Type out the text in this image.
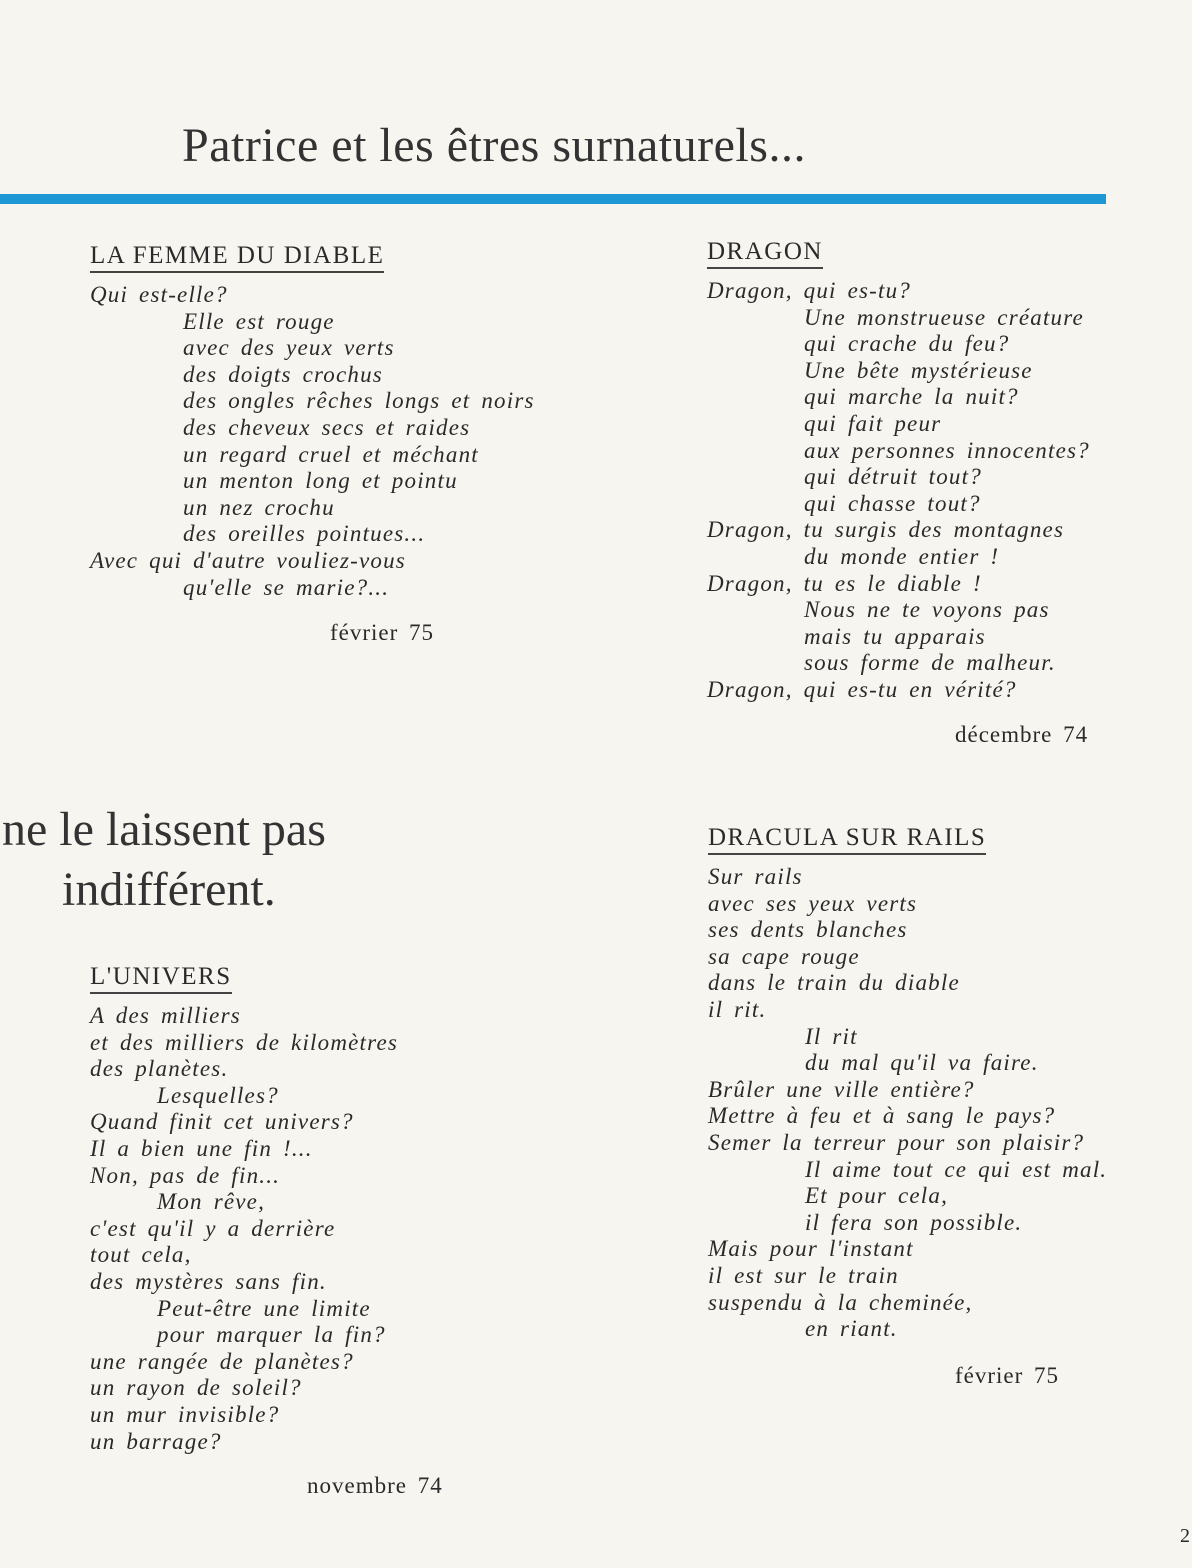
Patrice et les êtres surnaturels...
LA FEMME DU DIABLE
Qui est-elle?
Elle est rouge
avec des yeux verts
des doigts crochus
des ongles rêches longs et noirs
des cheveux secs et raides
un regard cruel et méchant
un menton long et pointu
un nez crochu
des oreilles pointues...
Avec qui d'autre vouliez-vous
qu'elle se marie?...
février 75
DRAGON
Dragon, qui es-tu?
Une monstrueuse créature
qui crache du feu?
Une bête mystérieuse
qui marche la nuit?
qui fait peur
aux personnes innocentes?
qui détruit tout?
qui chasse tout?
Dragon, tu surgis des montagnes
du monde entier !
Dragon, tu es le diable !
Nous ne te voyons pas
mais tu apparais
sous forme de malheur.
Dragon, qui es-tu en vérité?
décembre 74
ne le laissent pas
indifférent.
L'UNIVERS
A des milliers
et des milliers de kilomètres
des planètes.
Lesquelles?
Quand finit cet univers?
Il a bien une fin !...
Non, pas de fin...
Mon rêve,
c'est qu'il y a derrière
tout cela,
des mystères sans fin.
Peut-être une limite
pour marquer la fin?
une rangée de planètes?
un rayon de soleil?
un mur invisible?
un barrage?
novembre 74
DRACULA SUR RAILS
Sur rails
avec ses yeux verts
ses dents blanches
sa cape rouge
dans le train du diable
il rit.
Il rit
du mal qu'il va faire.
Brûler une ville entière?
Mettre à feu et à sang le pays?
Semer la terreur pour son plaisir?
Il aime tout ce qui est mal.
Et pour cela,
il fera son possible.
Mais pour l'instant
il est sur le train
suspendu à la cheminée,
en riant.
février 75
2
